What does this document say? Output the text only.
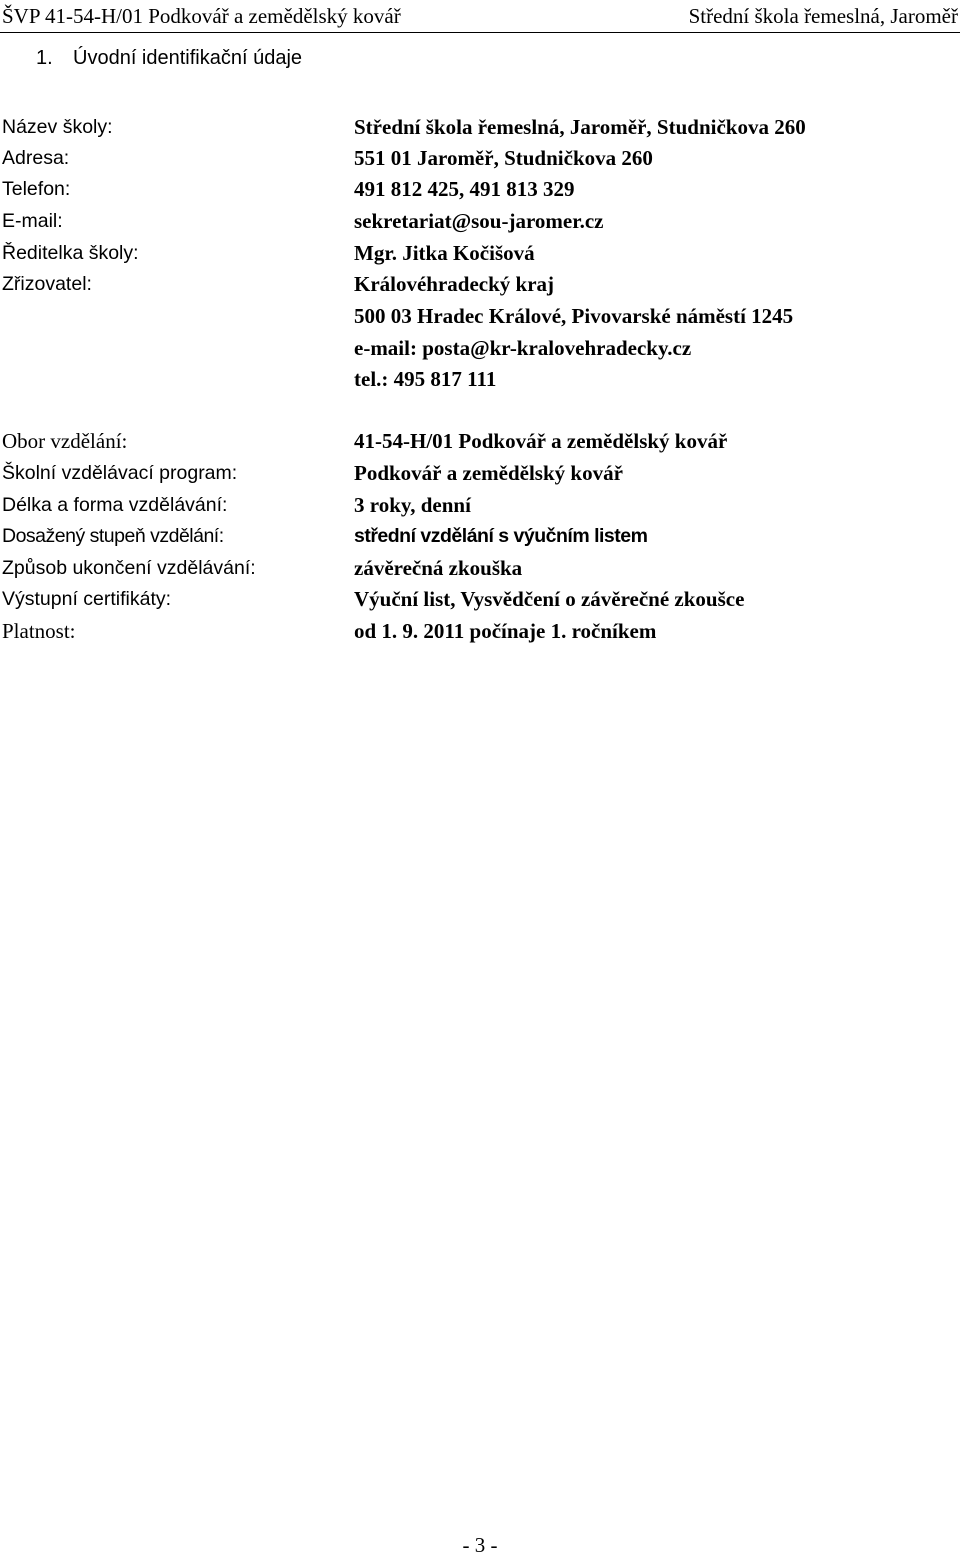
ŠVP 41-54-H/01 Podkovář a zemědělský kovář	Střední škola řemeslná, Jaroměř
1. Úvodní identifikační údaje
Název školy:	Střední škola řemeslná, Jaroměř, Studničkova 260
Adresa:	551 01 Jaroměř, Studničkova 260
Telefon:	491 812 425, 491 813 329
E-mail:	sekretariat@sou-jaromer.cz
Ředitelka školy:	Mgr. Jitka Kočišová
Zřizovatel:	Královéhradecký kraj
500 03 Hradec Králové, Pivovarské náměstí 1245
e-mail: posta@kr-kralovehradecky.cz
tel.: 495 817 111
Obor vzdělání:	41-54-H/01 Podkovář a zemědělský kovář
Školní vzdělávací program:	Podkovář a zemědělský kovář
Délka a forma vzdělávání:	3 roky, denní
Dosažený stupeň vzdělání:	střední vzdělání s výučním listem
Způsob ukončení vzdělávání:	závěrečná zkouška
Výstupní certifikáty:	Výuční list, Vysvědčení o závěrečné zkoušce
Platnost:	od 1. 9. 2011 počínaje 1. ročníkem
- 3 -
